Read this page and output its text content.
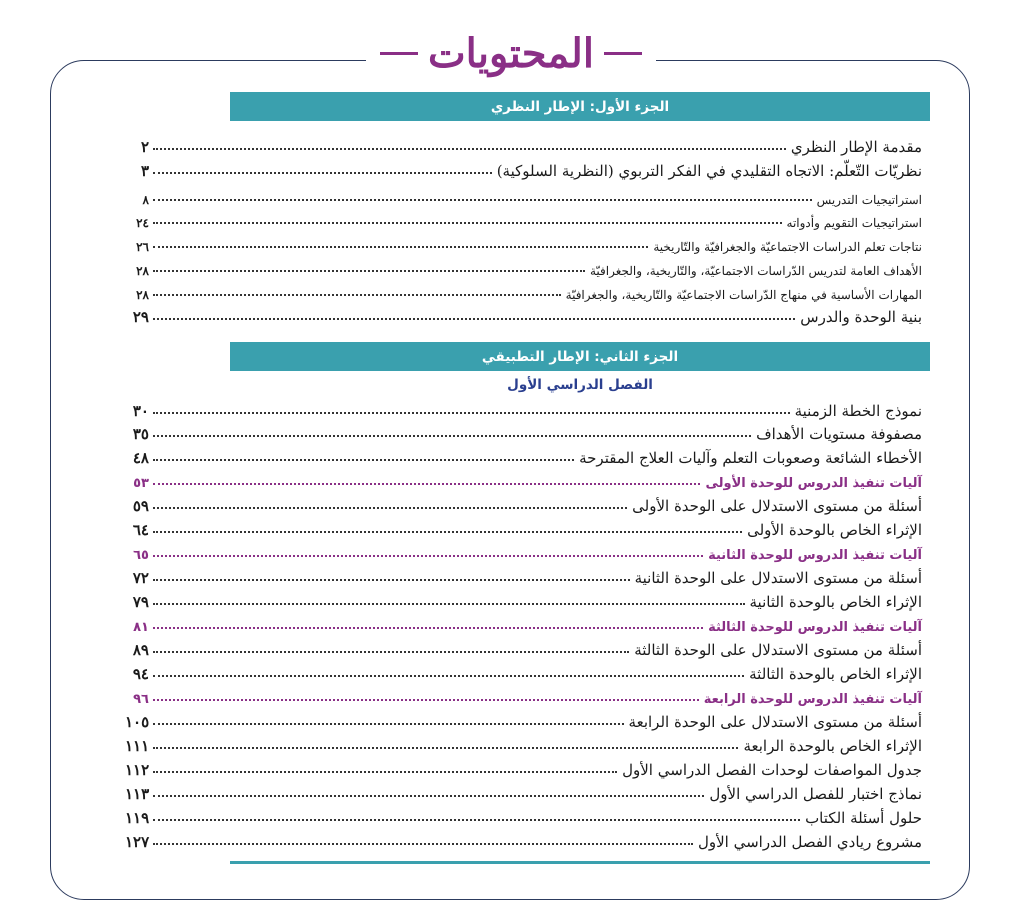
المحتويات
الجزء الأول: الإطار النظري
الجزء الثاني: الإطار التطبيقي
الفصل الدراسي الأول
مقدمة الإطار النظري
٢
نظريّات التّعلّم: الاتجاه التقليدي في الفكر التربوي (النظرية السلوكية)
٣
استراتيجيات التدريس
٨
استراتيجيات التقويم وأدواته
٢٤
نتاجات تعلم الدراسات الاجتماعيّة والجغرافيّة والتّاريخية
٢٦
الأهداف العامة لتدريس الدّراسات الاجتماعيّة، والتّاريخية، والجغرافيّة
٢٨
المهارات الأساسية في منهاج الدّراسات الاجتماعيّة والتّاريخية، والجغرافيّة
٢٨
بنية الوحدة والدرس
٢٩
نموذج الخطة الزمنية
٣٠
مصفوفة مستويات الأهداف
٣٥
الأخطاء الشائعة وصعوبات التعلم وآليات العلاج المقترحة
٤٨
آليات تنفيذ الدروس للوحدة الأولى
٥٣
أسئلة من مستوى الاستدلال على الوحدة الأولى
٥٩
الإثراء الخاص بالوحدة الأولى
٦٤
آليات تنفيذ الدروس للوحدة الثانية
٦٥
أسئلة من مستوى الاستدلال على الوحدة الثانية
٧٢
الإثراء الخاص بالوحدة الثانية
٧٩
آليات تنفيذ الدروس للوحدة الثالثة
٨١
أسئلة من مستوى الاستدلال على الوحدة الثالثة
٨٩
الإثراء الخاص بالوحدة الثالثة
٩٤
آليات تنفيذ الدروس للوحدة الرابعة
٩٦
أسئلة من مستوى الاستدلال على الوحدة الرابعة
١٠٥
الإثراء الخاص بالوحدة الرابعة
١١١
جدول المواصفات لوحدات الفصل الدراسي الأول
١١٢
نماذج اختبار للفصل الدراسي الأول
١١٣
حلول أسئلة الكتاب
١١٩
مشروع ريادي الفصل الدراسي الأول
١٢٧
